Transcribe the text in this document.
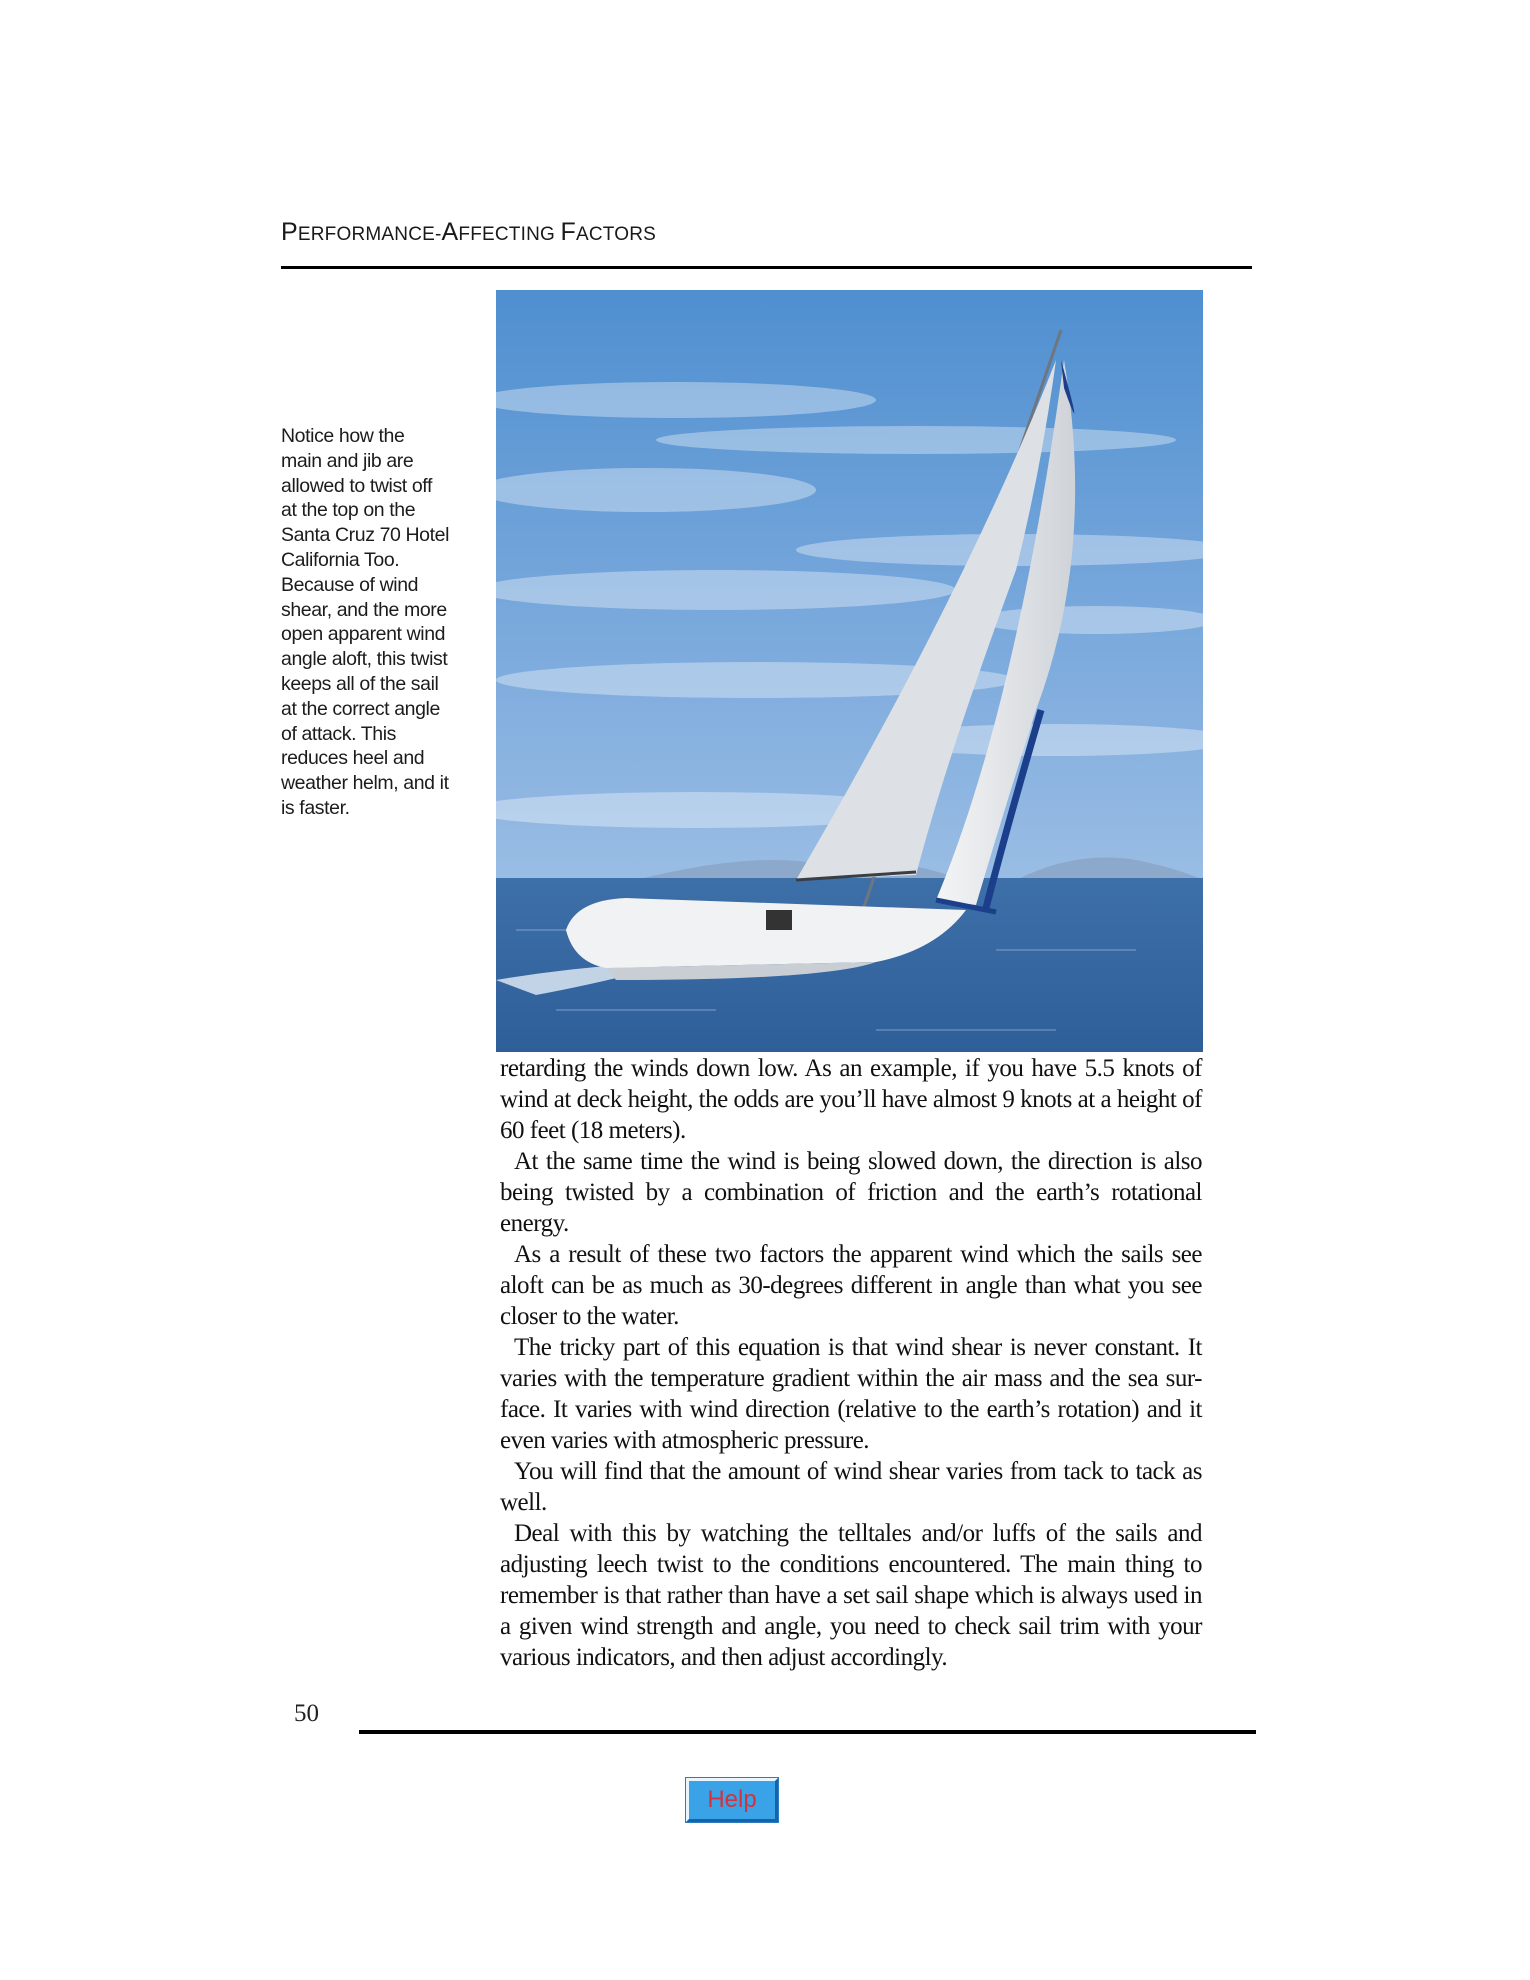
PERFORMANCE-AFFECTING FACTORS
Notice how the
main and jib are
allowed to twist off
at the top on the
Santa Cruz 70 Hotel
California Too.
Because of wind
shear, and the more
open apparent wind
angle aloft, this twist
keeps all of the sail
at the correct angle
of attack. This
reduces heel and
weather helm, and it
is faster.
retarding the winds down low. As an example, if you have 5.5 knots of
wind at deck height, the odds are you’ll have almost 9 knots at a height of
60 feet (18 meters).
At the same time the wind is being slowed down, the direction is also
being twisted by a combination of friction and the earth’s rotational
energy.
As a result of these two factors the apparent wind which the sails see
aloft can be as much as 30-degrees different in angle than what you see
closer to the water.
The tricky part of this equation is that wind shear is never constant. It
varies with the temperature gradient within the air mass and the sea sur-
face. It varies with wind direction (relative to the earth’s rotation) and it
even varies with atmospheric pressure.
You will find that the amount of wind shear varies from tack to tack as
well.
Deal with this by watching the telltales and/or luffs of the sails and
adjusting leech twist to the conditions encountered. The main thing to
remember is that rather than have a set sail shape which is always used in
a given wind strength and angle, you need to check sail trim with your
various indicators, and then adjust accordingly.
50
Help
